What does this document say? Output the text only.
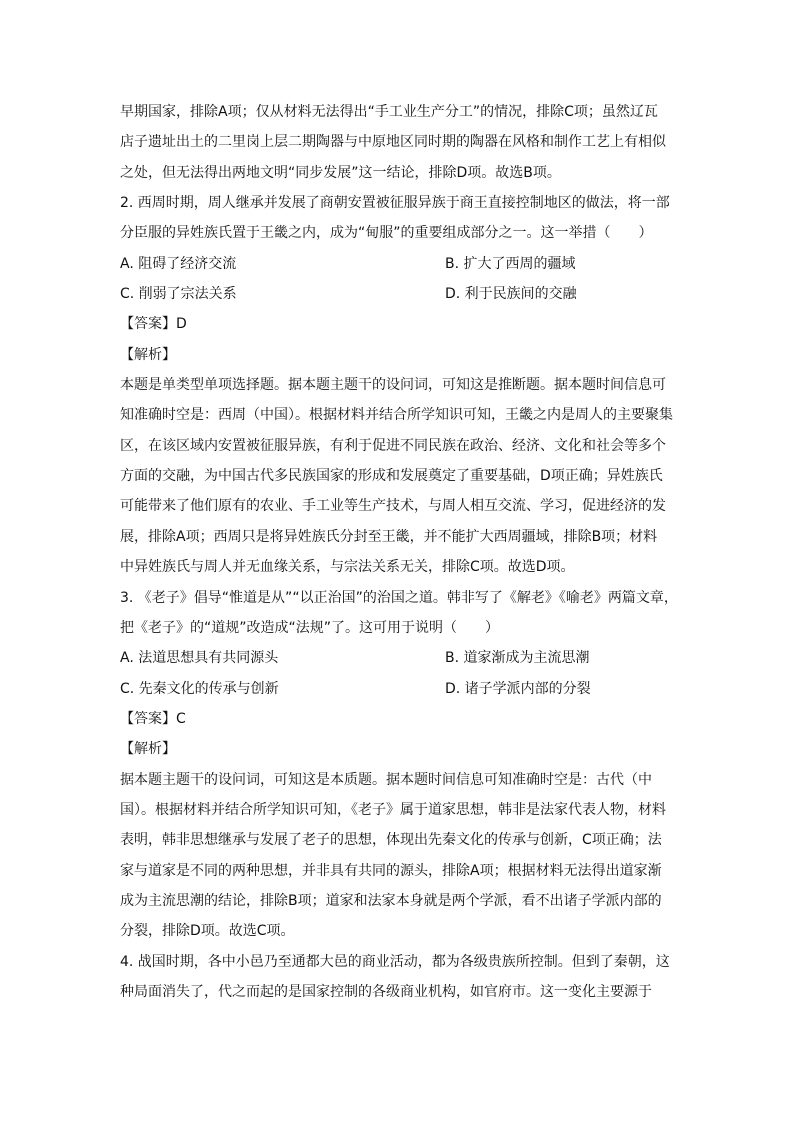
早期国家，排除A项；仅从材料无法得出“手工业生产分工”的情况，排除C项；虽然辽瓦
店子遗址出土的二里岗上层二期陶器与中原地区同时期的陶器在风格和制作工艺上有相似
之处，但无法得出两地文明“同步发展”这一结论，排除D项。故选B项。
2. 西周时期，周人继承并发展了商朝安置被征服异族于商王直接控制地区的做法，将一部
分臣服的异姓族氏置于王畿之内，成为“甸服”的重要组成部分之一。这一举措（　　）
A. 阻碍了经济交流	B. 扩大了西周的疆域
C. 削弱了宗法关系	D. 利于民族间的交融
【答案】D
【解析】
本题是单类型单项选择题。据本题主题干的设问词，可知这是推断题。据本题时间信息可
知准确时空是：西周（中国）。根据材料并结合所学知识可知，王畿之内是周人的主要聚集
区，在该区域内安置被征服异族，有利于促进不同民族在政治、经济、文化和社会等多个
方面的交融，为中国古代多民族国家的形成和发展奠定了重要基础，D项正确；异姓族氏
可能带来了他们原有的农业、手工业等生产技术，与周人相互交流、学习，促进经济的发
展，排除A项；西周只是将异姓族氏分封至王畿，并不能扩大西周疆域，排除B项；材料
中异姓族氏与周人并无血缘关系，与宗法关系无关，排除C项。故选D项。
3. 《老子》倡导“惟道是从”“以正治国”的治国之道。韩非写了《解老》《喻老》两篇文章，
把《老子》的“道规”改造成“法规”了。这可用于说明（　　）
A. 法道思想具有共同源头	B. 道家渐成为主流思潮
C. 先秦文化的传承与创新	D. 诸子学派内部的分裂
【答案】C
【解析】
据本题主题干的设问词，可知这是本质题。据本题时间信息可知准确时空是：古代（中
国）。根据材料并结合所学知识可知，《老子》属于道家思想，韩非是法家代表人物，材料
表明，韩非思想继承与发展了老子的思想，体现出先秦文化的传承与创新，C项正确；法
家与道家是不同的两种思想，并非具有共同的源头，排除A项；根据材料无法得出道家渐
成为主流思潮的结论，排除B项；道家和法家本身就是两个学派，看不出诸子学派内部的
分裂，排除D项。故选C项。
4. 战国时期，各中小邑乃至通都大邑的商业活动，都为各级贵族所控制。但到了秦朝，这
种局面消失了，代之而起的是国家控制的各级商业机构，如官府市。这一变化主要源于
